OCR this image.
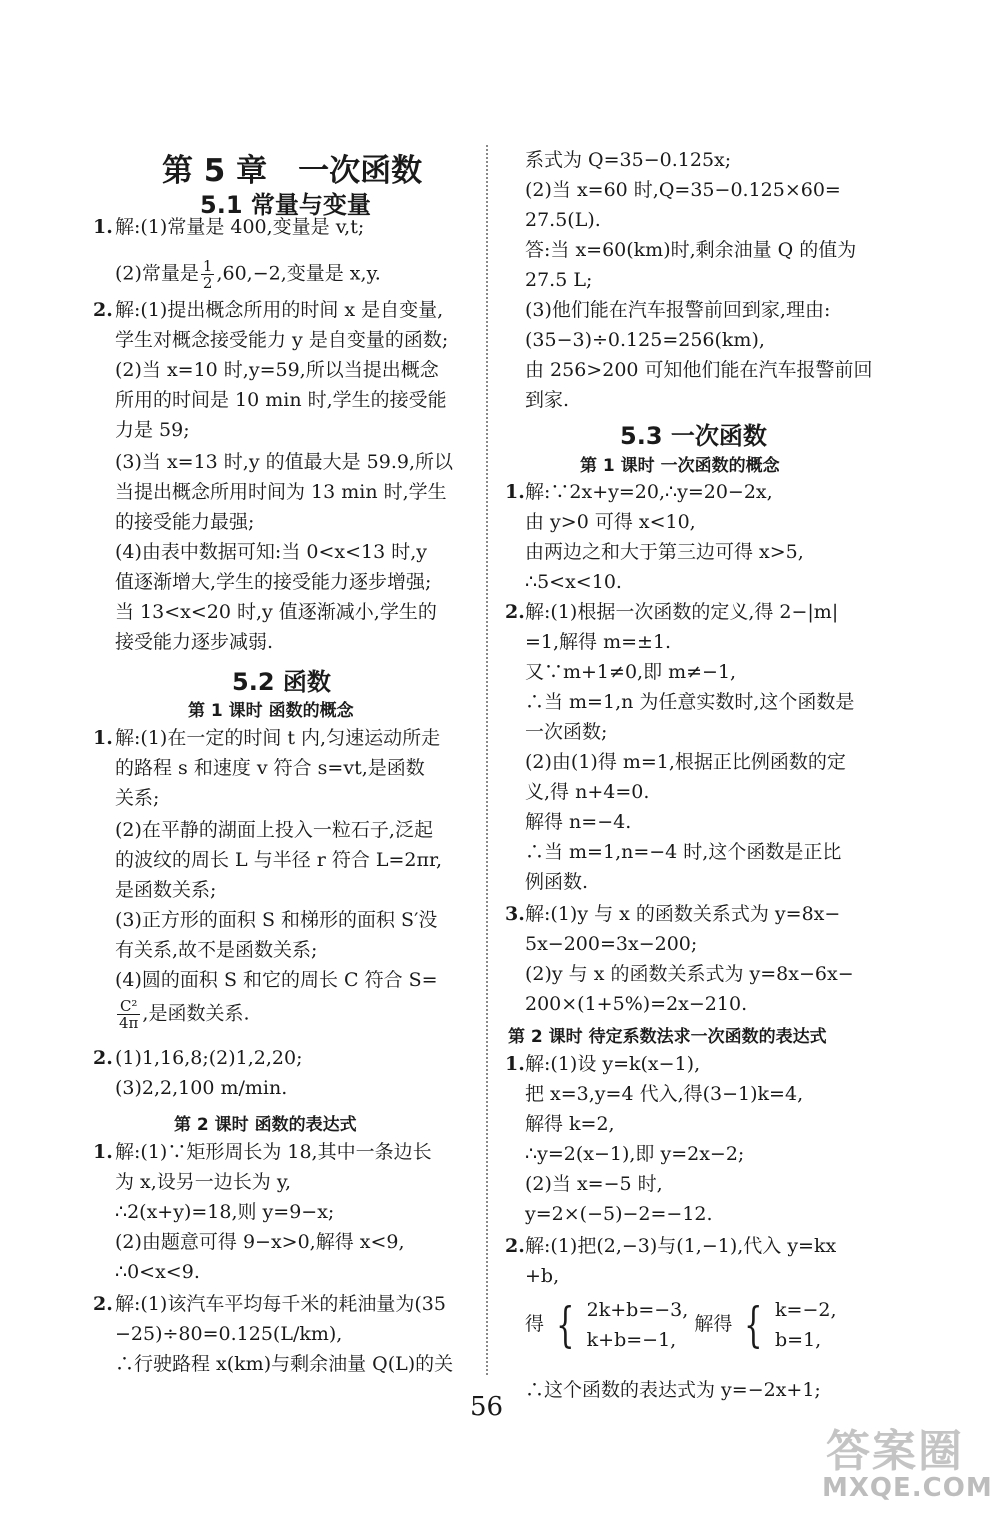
第 5 章　一次函数
5.1 常量与变量
1. 解:(1)常量是 400,变量是 v,t;
(2)常量是 $\frac{1}{2} ,60,-2$,变量是 x,y.
2. 解:(1)提出概念所用的时间 x 是自变量,
学生对概念接受能力 y 是自变量的函数;
(2)当 x=10 时,y=59,所以当提出概念
所用的时间是 10 min 时,学生的接受能
力是 59;
(3)当 x=13 时,y 的值最大是 59.9,所以
当提出概念所用时间为 13 min 时,学生
的接受能力最强;
(4)由表中数据可知:当 0<x<13 时,y
值逐渐增大,学生的接受能力逐步增强;
当 13<x<20 时,y 值逐渐减小,学生的
接受能力逐步减弱.
5.2 函数
第 1 课时 函数的概念
1. 解:(1)在一定的时间 t 内,匀速运动所走
的路程 s 和速度 v 符合 s=vt,是函数
关系;
(2)在平静的湖面上投入一粒石子,泛起
的波纹的周长 L 与半径 r 符合 L=2πr,
是函数关系;
(3)正方形的面积 S 和梯形的面积 S′没
有关系,故不是函数关系;
(4)圆的面积 S 和它的周长 C 符合 S=
$\frac{\text{C²}}{4\pi}$ ,是函数关系.
2. (1)1,16,8;(2)1,2,20;
(3)2,2,100 m/min.
第 2 课时 函数的表达式
1. 解:(1)∵矩形周长为 18,其中一条边长
为 x,设另一边长为 y,
∴2(x+y)=18,则 y=9−x;
(2)由题意可得 9−x>0,解得 x<9,
∴0<x<9.
2. 解:(1)该汽车平均每千米的耗油量为(35
−25)÷80=0.125(L/km),
∴行驶路程 x(km)与剩余油量 Q(L)的关
系式为 Q=35−0.125x;
(2)当 x=60 时,Q=35−0.125×60=
27.5(L).
答:当 x=60(km)时,剩余油量 Q 的值为
27.5 L;
(3)他们能在汽车报警前回到家,理由:
(35−3)÷0.125=256(km),
由 256>200 可知他们能在汽车报警前回
到家.
5.3 一次函数
第 1 课时 一次函数的概念
1. 解:∵2x+y=20,∴y=20−2x,
由 y>0 可得 x<10,
由两边之和大于第三边可得 x>5,
∴5<x<10.
2. 解:(1)根据一次函数的定义,得 2−|m|
=1,解得 m=±1.
又∵m+1≠0,即 m≠−1,
∴当 m=1,n 为任意实数时,这个函数是
一次函数;
(2)由(1)得 m=1,根据正比例函数的定
义,得 n+4=0.
解得 n=−4.
∴当 m=1,n=−4 时,这个函数是正比
例函数.
3. 解:(1)y 与 x 的函数关系式为 y=8x−
5x−200=3x−200;
(2)y 与 x 的函数关系式为 y=8x−6x−
200×(1+5%)=2x−210.
第 2 课时 待定系数法求一次函数的表达式
1. 解:(1)设 y=k(x−1),
把 x=3,y=4 代入,得(3−1)k=4,
解得 k=2,
∴y=2(x−1),即 y=2x−2;
(2)当 x=−5 时,
y=2×(−5)−2=−12.
2. 解:(1)把(2,−3)与(1,−1),代入 y=kx
+b,
得 { 2k+b=−3,
k+b=−1,
解得 { k=−2,
b=1,
∴这个函数的表达式为 y=−2x+1;
56
答案圈
MXQE.COM
